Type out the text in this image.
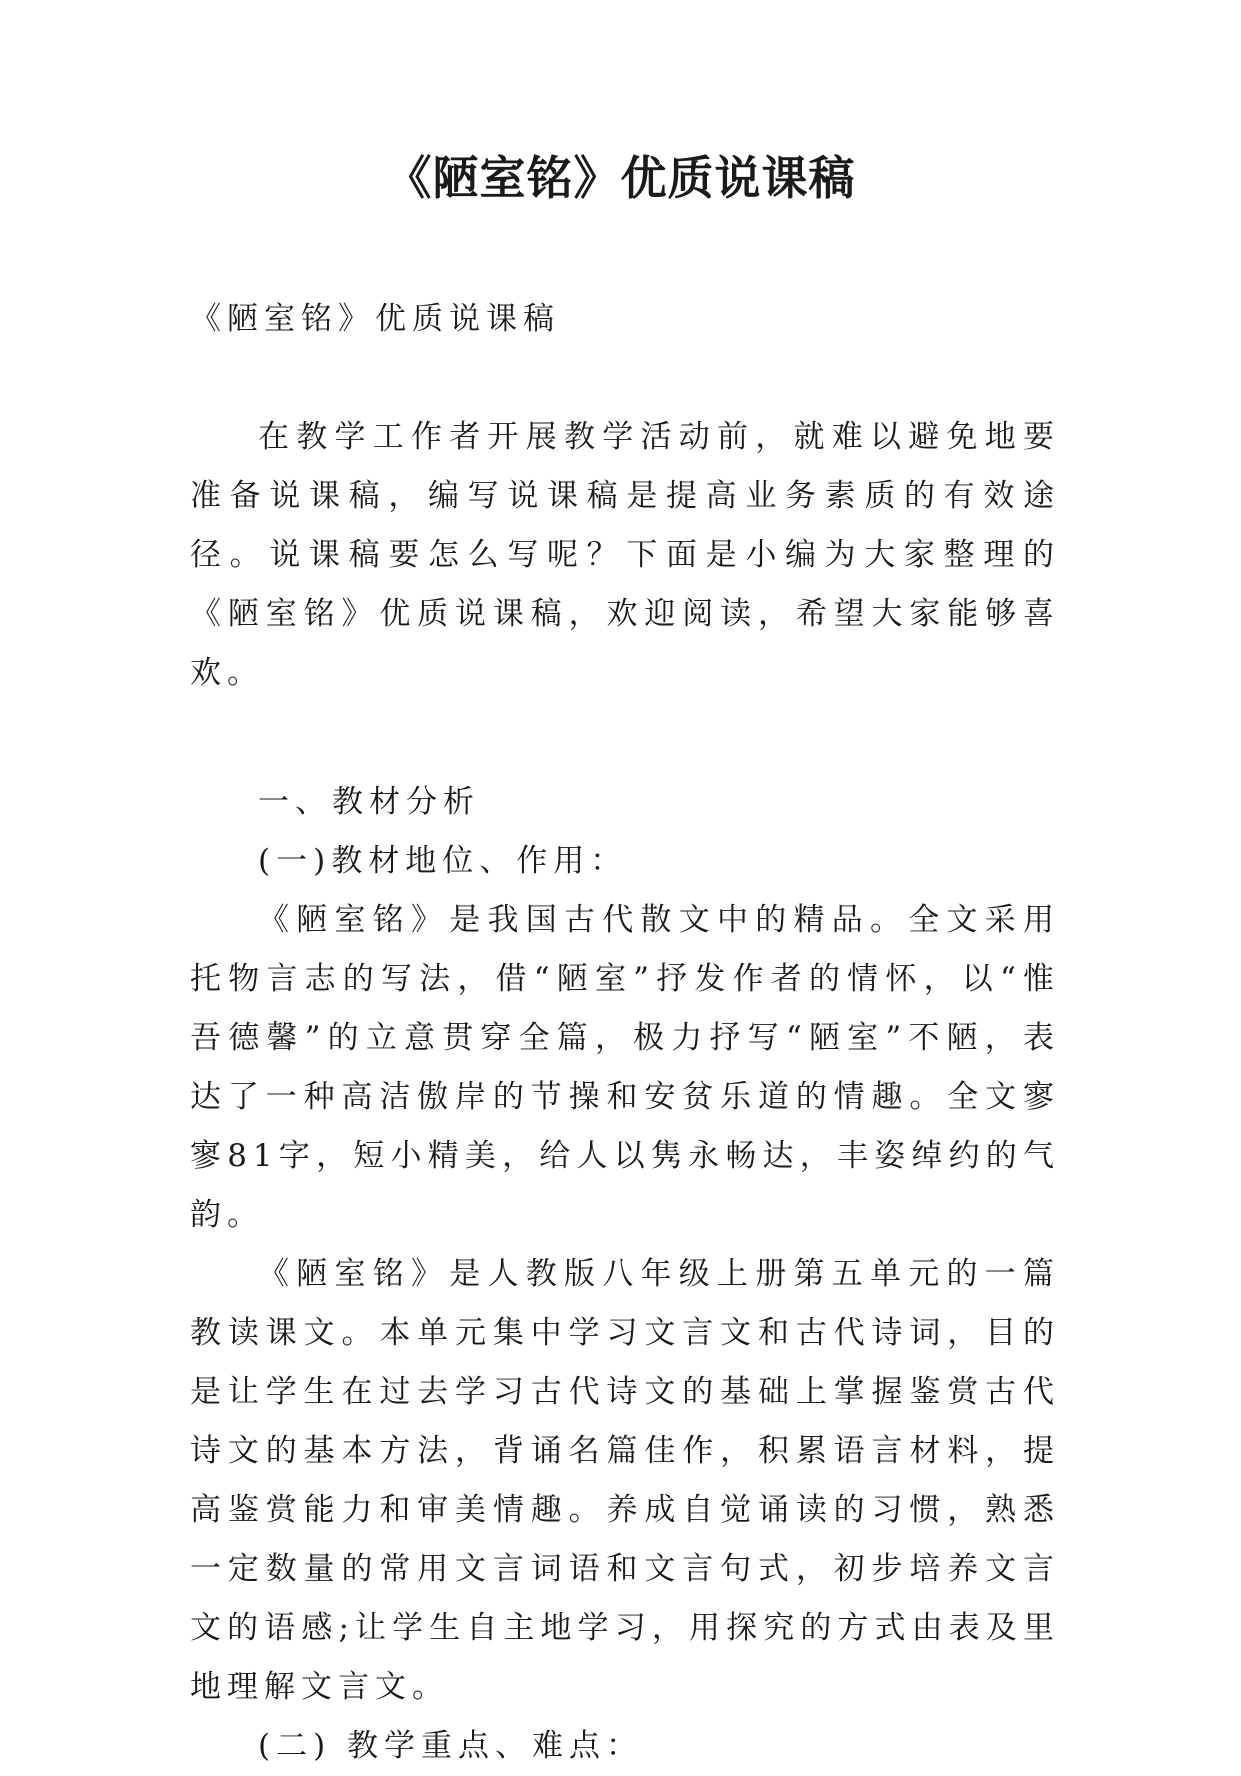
《陋室铭》优质说课稿

《陋室铭》优质说课稿

在教学工作者开展教学活动前，就难以避免地要准备说课稿，编写说课稿是提高业务素质的有效途径。说课稿要怎么写呢？下面是小编为大家整理的《陋室铭》优质说课稿，欢迎阅读，希望大家能够喜欢。

一、教材分析

(一)教材地位、作用：

《陋室铭》是我国古代散文中的精品。全文采用托物言志的写法，借“陋室”抒发作者的情怀，以“惟吾德馨”的立意贯穿全篇，极力抒写“陋室”不陋，表达了一种高洁傲岸的节操和安贫乐道的情趣。全文寥寥81字，短小精美，给人以隽永畅达，丰姿绰约的气韵。

《陋室铭》是人教版八年级上册第五单元的一篇教读课文。本单元集中学习文言文和古代诗词，目的是让学生在过去学习古代诗文的基础上掌握鉴赏古代诗文的基本方法，背诵名篇佳作，积累语言材料，提高鉴赏能力和审美情趣。养成自觉诵读的习惯，熟悉一定数量的常用文言词语和文言句式，初步培养文言文的语感;让学生自主地学习，用探究的方式由表及里地理解文言文。

(二) 教学重点、难点：
